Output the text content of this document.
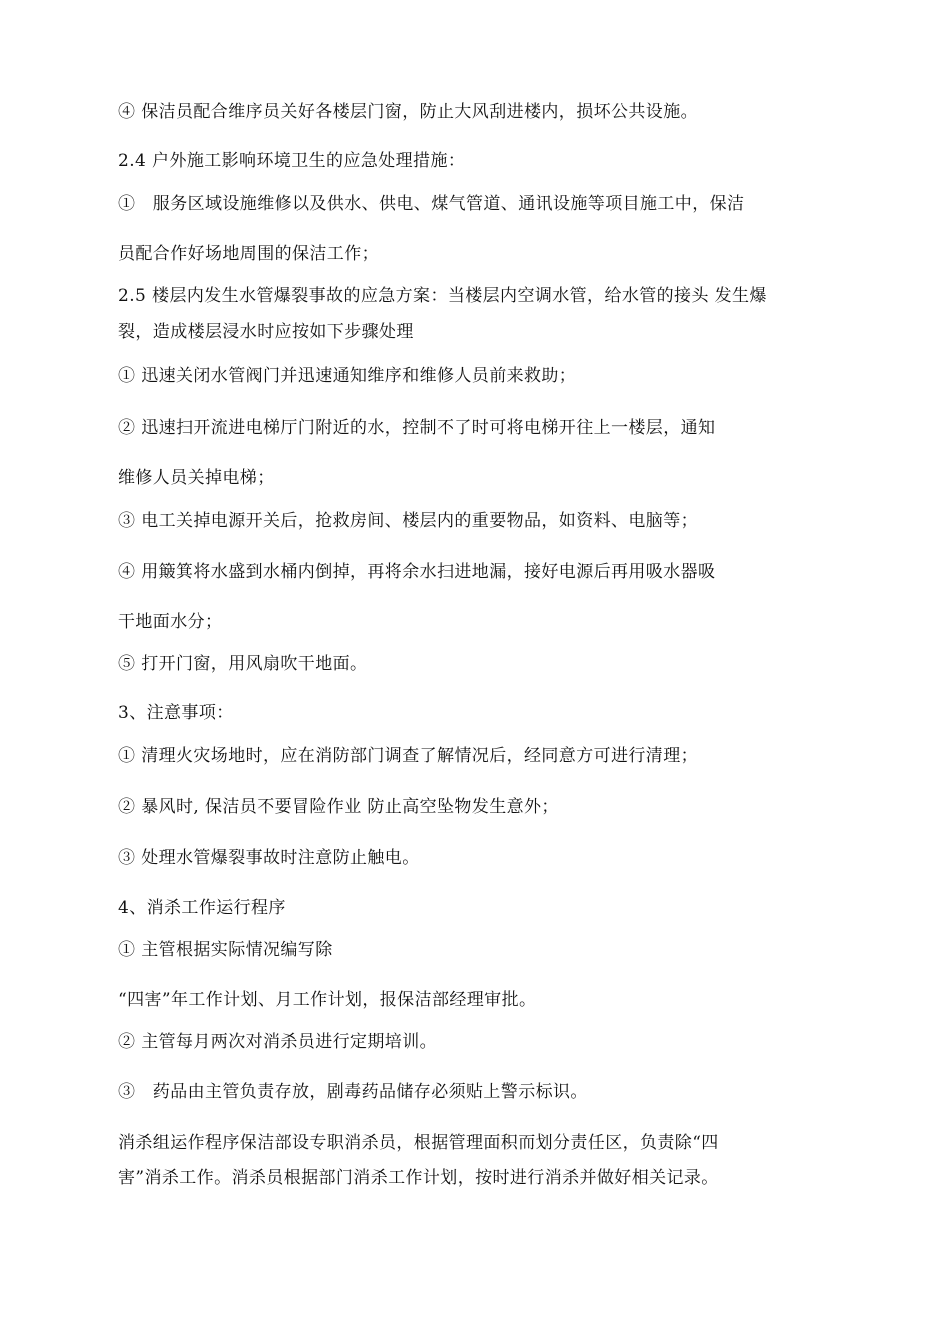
④ 保洁员配合维序员关好各楼层门窗，防止大风刮进楼内，损坏公共设施。
2.4 户外施工影响环境卫生的应急处理措施：
①　服务区域设施维修以及供水、供电、煤气管道、通讯设施等项目施工中，保洁
员配合作好场地周围的保洁工作；
2.5 楼层内发生水管爆裂事故的应急方案：当楼层内空调水管，给水管的接头 发生爆
裂，造成楼层浸水时应按如下步骤处理
① 迅速关闭水管阀门并迅速通知维序和维修人员前来救助；
② 迅速扫开流进电梯厅门附近的水，控制不了时可将电梯开往上一楼层，通知
维修人员关掉电梯；
③ 电工关掉电源开关后，抢救房间、楼层内的重要物品，如资料、电脑等；
④ 用簸箕将水盛到水桶内倒掉，再将余水扫进地漏，接好电源后再用吸水器吸
干地面水分；
⑤ 打开门窗，用风扇吹干地面。
3、注意事项：
① 清理火灾场地时，应在消防部门调查了解情况后，经同意方可进行清理；
② 暴风时, 保洁员不要冒险作业 防止高空坠物发生意外；
③ 处理水管爆裂事故时注意防止触电。
4、消杀工作运行程序
① 主管根据实际情况编写除
“四害”年工作计划、月工作计划，报保洁部经理审批。
② 主管每月两次对消杀员进行定期培训。
③　药品由主管负责存放，剧毒药品储存必须贴上警示标识。
消杀组运作程序保洁部设专职消杀员，根据管理面积而划分责任区，负责除“四
害”消杀工作。消杀员根据部门消杀工作计划，按时进行消杀并做好相关记录。
